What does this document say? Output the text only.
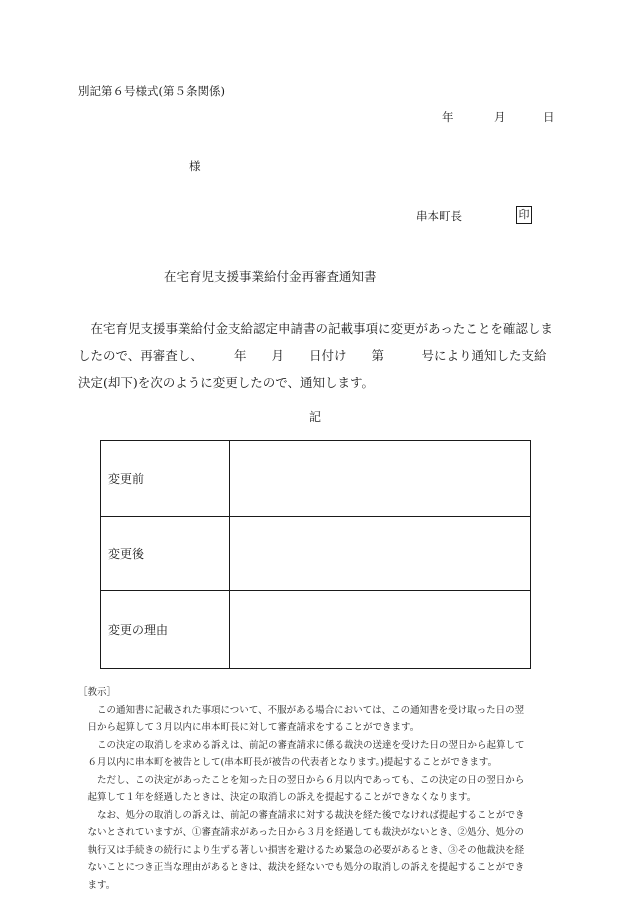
別記第６号様式(第５条関係)
年	月	日
様
串本町長	印
在宅育児支援事業給付金再審査通知書
　在宅育児支援事業給付金支給認定申請書の記載事項に変更があったことを確認しま
したので、再審査し、　　　年　　月　　日付け　　第　　　号により通知した支給
決定(却下)を次のように変更したので、通知します。
記
変更前	
変更後	
変更の理由	
［教示］
　　この通知書に記載された事項について、不服がある場合においては、この通知書を受け取った日の翌
　日から起算して３月以内に串本町長に対して審査請求をすることができます。
　　この決定の取消しを求める訴えは、前記の審査請求に係る裁決の送達を受けた日の翌日から起算して
　６月以内に串本町を被告として(串本町長が被告の代表者となります。)提起することができます。
　　ただし、この決定があったことを知った日の翌日から６月以内であっても、この決定の日の翌日から
　起算して１年を経過したときは、決定の取消しの訴えを提起することができなくなります。
　　なお、処分の取消しの訴えは、前記の審査請求に対する裁決を経た後でなければ提起することができ
　ないとされていますが、①審査請求があった日から３月を経過しても裁決がないとき、②処分、処分の
　執行又は手続きの続行により生ずる著しい損害を避けるため緊急の必要があるとき、③その他裁決を経
　ないことにつき正当な理由があるときは、裁決を経ないでも処分の取消しの訴えを提起することができ
　ます。
